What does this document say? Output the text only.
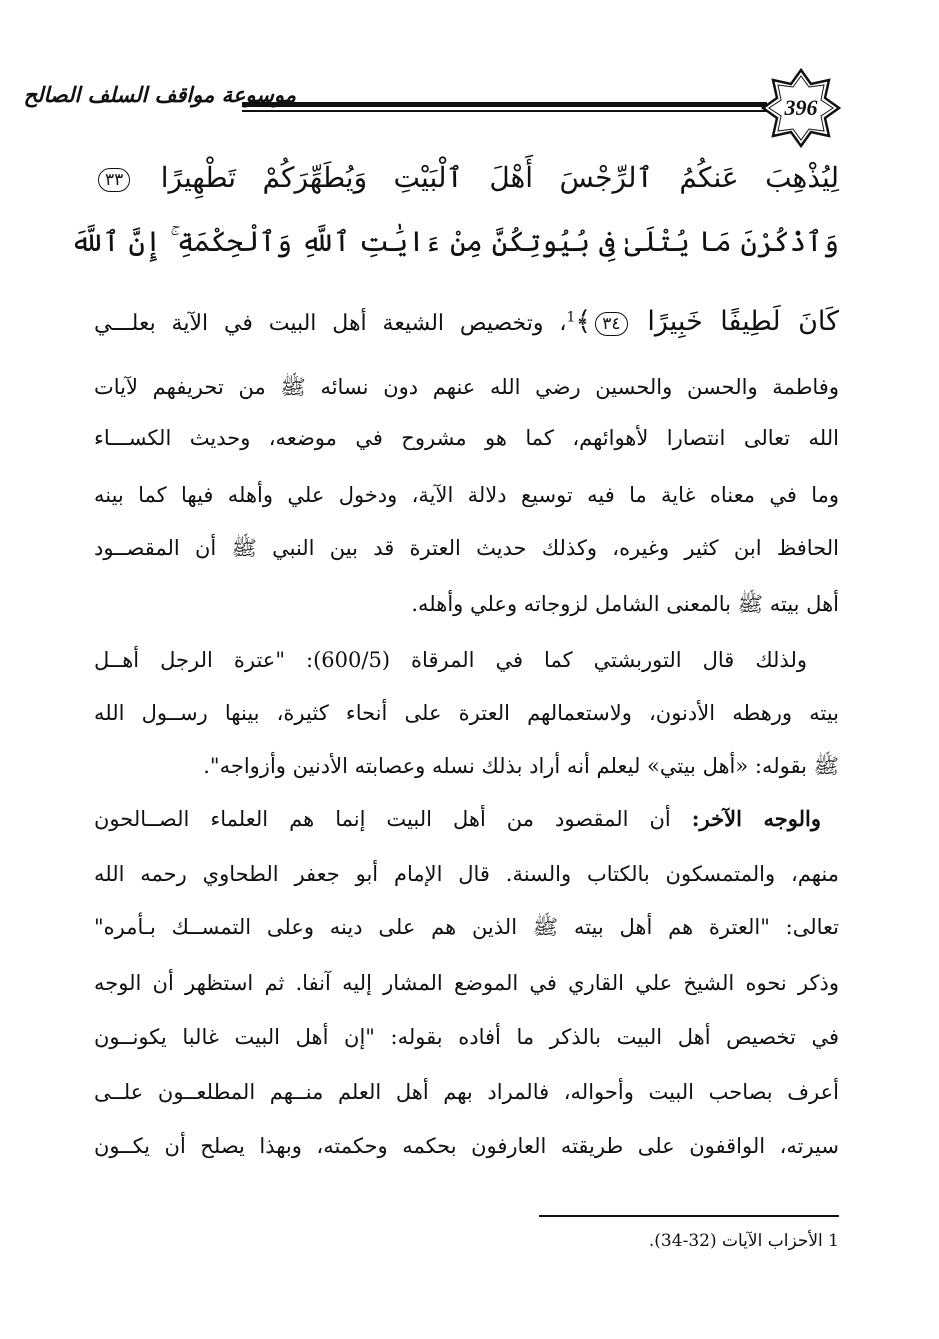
396
موسوعة مواقف السلف الصالح
لِيُذْهِبَ عَنكُمُ ٱلرِّجْسَ أَهْلَ ٱلْبَيْتِ وَيُطَهِّرَكُمْ تَطْهِيرًا ٣٣
وَٱذْكُرْنَ مَا يُتْلَىٰ فِى بُيُوتِكُنَّ مِنْ ءَايَٰتِ ٱللَّهِ وَٱلْحِكْمَةِ ۚ إِنَّ ٱللَّهَ
كَانَ لَطِيفًا خَبِيرًا ٣٤﴾$^1$، وتخصيص الشيعة أهل البيت في الآية بعلـــي
وفاطمة والحسن والحسين رضي الله عنهم دون نسائه ﷺ من تحريفهم لآيات
الله تعالى انتصارا لأهوائهم، كما هو مشروح في موضعه، وحديث الكســـاء
وما في معناه غاية ما فيه توسيع دلالة الآية، ودخول علي وأهله فيها كما بينه
الحافظ ابن كثير وغيره، وكذلك حديث العترة قد بين النبي ﷺ أن المقصــود
أهل بيته ﷺ بالمعنى الشامل لزوجاته وعلي وأهله.
ولذلك قال التوربشتي كما في المرقاة (600/5): "عترة الرجل أهــل
بيته ورهطه الأدنون، ولاستعمالهم العترة على أنحاء كثيرة، بينها رســول الله
ﷺ بقوله: «أهل بيتي» ليعلم أنه أراد بذلك نسله وعصابته الأدنين وأزواجه".
والوجه الآخر: أن المقصود من أهل البيت إنما هم العلماء الصــالحون
منهم، والمتمسكون بالكتاب والسنة. قال الإمام أبو جعفر الطحاوي رحمه الله
تعالى: "العترة هم أهل بيته ﷺ الذين هم على دينه وعلى التمســك بـأمره"
وذكر نحوه الشيخ علي القاري في الموضع المشار إليه آنفا. ثم استظهر أن الوجه
في تخصيص أهل البيت بالذكر ما أفاده بقوله: "إن أهل البيت غالبا يكونــون
أعرف بصاحب البيت وأحواله، فالمراد بهم أهل العلم منــهم المطلعــون علــى
سيرته، الواقفون على طريقته العارفون بحكمه وحكمته، وبهذا يصلح أن يكــون
1 الأحزاب الآيات (32-34).
